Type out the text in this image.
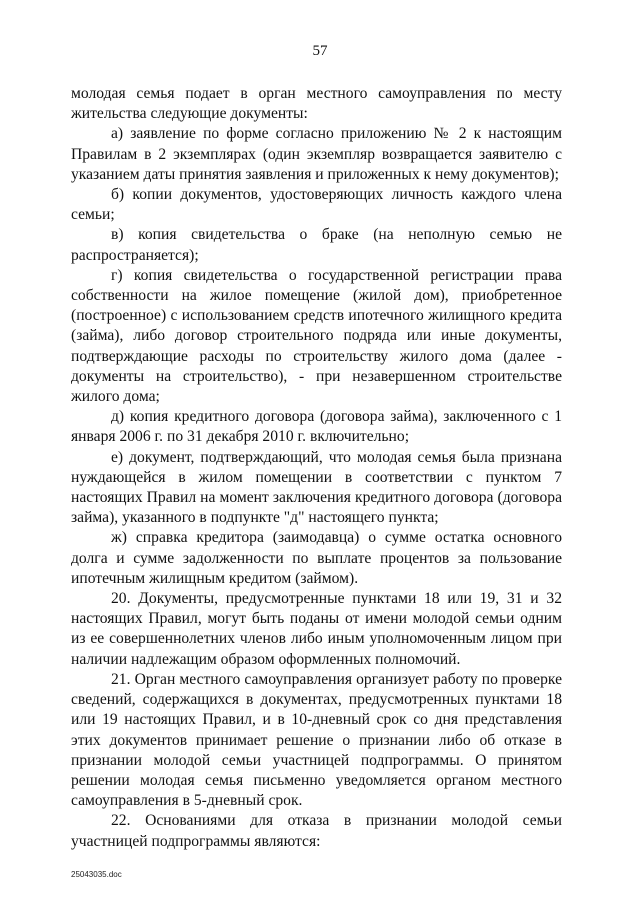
57

молодая семья подает в орган местного самоуправления по месту жительства следующие документы:

а) заявление по форме согласно приложению № 2 к настоящим Правилам в 2 экземплярах (один экземпляр возвращается заявителю с указанием даты принятия заявления и приложенных к нему документов);

б) копии документов, удостоверяющих личность каждого члена семьи;

в) копия свидетельства о браке (на неполную семью не распространяется);

г) копия свидетельства о государственной регистрации права собственности на жилое помещение (жилой дом), приобретенное (построенное) с использованием средств ипотечного жилищного кредита (займа), либо договор строительного подряда или иные документы, подтверждающие расходы по строительству жилого дома (далее - документы на строительство), - при незавершенном строительстве жилого дома;

д) копия кредитного договора (договора займа), заключенного с 1 января 2006 г. по 31 декабря 2010 г. включительно;

е) документ, подтверждающий, что молодая семья была признана нуждающейся в жилом помещении в соответствии с пунктом 7 настоящих Правил на момент заключения кредитного договора (договора займа), указанного в подпункте "д" настоящего пункта;

ж) справка кредитора (заимодавца) о сумме остатка основного долга и сумме задолженности по выплате процентов за пользование ипотечным жилищным кредитом (займом).

20. Документы, предусмотренные пунктами 18 или 19, 31 и 32 настоящих Правил, могут быть поданы от имени молодой семьи одним из ее совершеннолетних членов либо иным уполномоченным лицом при наличии надлежащим образом оформленных полномочий.

21. Орган местного самоуправления организует работу по проверке сведений, содержащихся в документах, предусмотренных пунктами 18 или 19 настоящих Правил, и в 10-дневный срок со дня представления этих документов принимает решение о признании либо об отказе в признании молодой семьи участницей подпрограммы. О принятом решении молодая семья письменно уведомляется органом местного самоуправления в 5-дневный срок.

22. Основаниями для отказа в признании молодой семьи участницей подпрограммы являются:

25043035.doc
